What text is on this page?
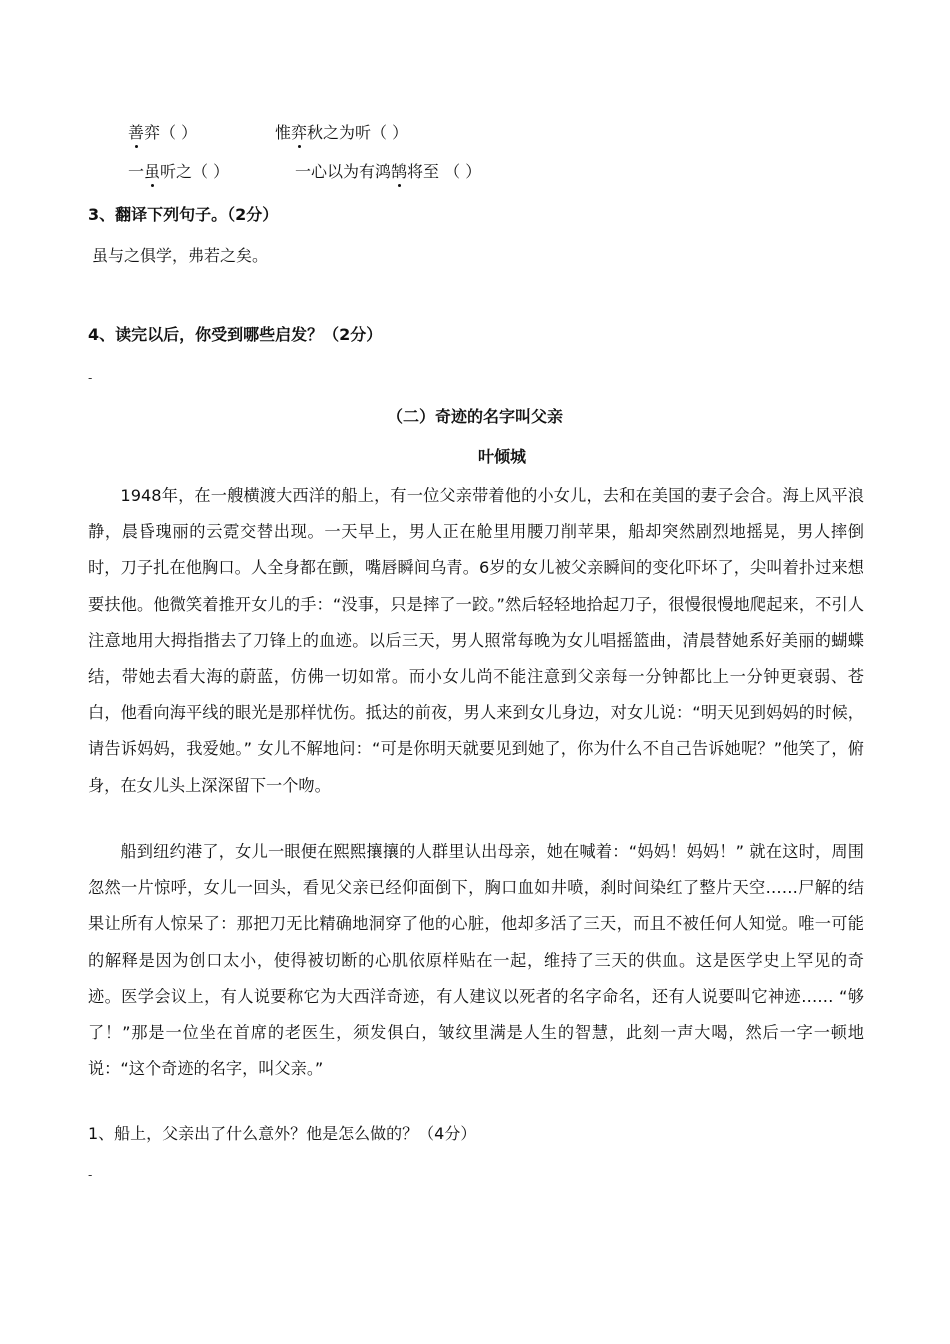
善弈（ ）	惟弈秋之为听（ ）
一虽听之（ ）	一心以为有鸿鹄将至 （ ）
3、翻译下列句子。（2分）
虽与之俱学，弗若之矣。
4、读完以后，你受到哪些启发？（2分）
-
（二）奇迹的名字叫父亲
叶倾城

1948年，在一艘横渡大西洋的船上，有一位父亲带着他的小女儿，去和在美国的妻子会合。海上风平浪静，晨昏瑰丽的云霓交替出现。一天早上，男人正在舱里用腰刀削苹果，船却突然剧烈地摇晃，男人摔倒时，刀子扎在他胸口。人全身都在颤，嘴唇瞬间乌青。6岁的女儿被父亲瞬间的变化吓坏了，尖叫着扑过来想要扶他。他微笑着推开女儿的手：“没事，只是摔了一跤。”然后轻轻地拾起刀子，很慢很慢地爬起来，不引人注意地用大拇指揩去了刀锋上的血迹。以后三天，男人照常每晚为女儿唱摇篮曲，清晨替她系好美丽的蝴蝶结，带她去看大海的蔚蓝，仿佛一切如常。而小女儿尚不能注意到父亲每一分钟都比上一分钟更衰弱、苍白，他看向海平线的眼光是那样忧伤。抵达的前夜，男人来到女儿身边，对女儿说：“明天见到妈妈的时候，请告诉妈妈，我爱她。” 女儿不解地问：“可是你明天就要见到她了，你为什么不自己告诉她呢？”他笑了，俯身，在女儿头上深深留下一个吻。

船到纽约港了，女儿一眼便在熙熙攘攘的人群里认出母亲，她在喊着：“妈妈！妈妈！” 就在这时，周围忽然一片惊呼，女儿一回头，看见父亲已经仰面倒下，胸口血如井喷，刹时间染红了整片天空……尸解的结果让所有人惊呆了：那把刀无比精确地洞穿了他的心脏，他却多活了三天，而且不被任何人知觉。唯一可能的解释是因为创口太小，使得被切断的心肌依原样贴在一起，维持了三天的供血。这是医学史上罕见的奇迹。医学会议上，有人说要称它为大西洋奇迹，有人建议以死者的名字命名，还有人说要叫它神迹…… “够了！”那是一位坐在首席的老医生，须发俱白，皱纹里满是人生的智慧，此刻一声大喝，然后一字一顿地说：“这个奇迹的名字，叫父亲。”

1、船上，父亲出了什么意外？他是怎么做的？（4分）
-
